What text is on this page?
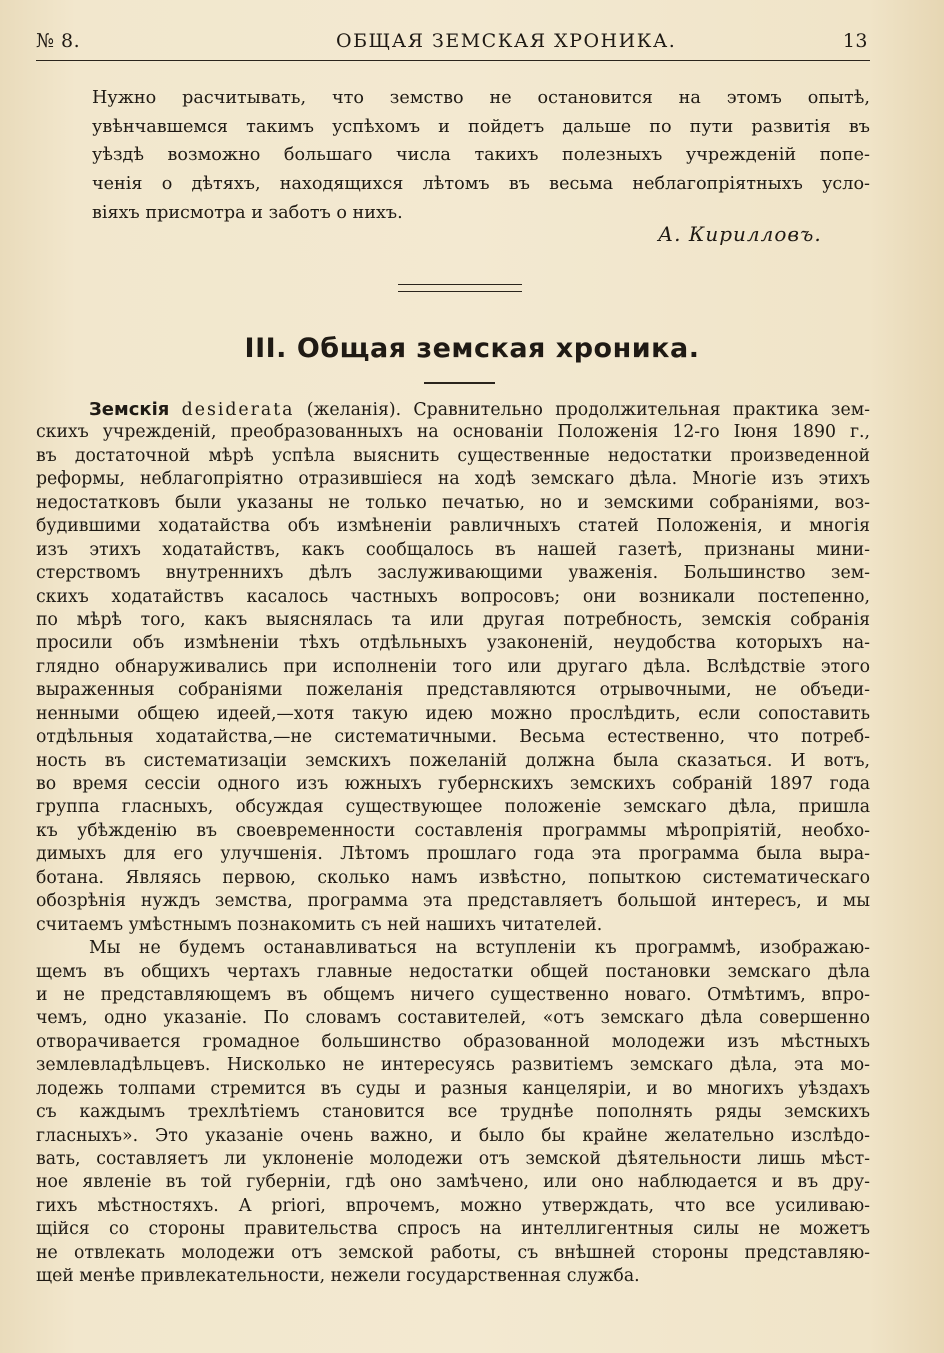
№ 8.	ОБЩАЯ ЗЕМСКАЯ ХРОНИКА.	13
Нужно расчитывать, что земство не остановится на этомъ опытѣ,
увѣнчавшемся такимъ успѣхомъ и пойдетъ дальше по пути развитія въ
уѣздѣ возможно большаго числа такихъ полезныхъ учрежденій попе-
ченія о дѣтяхъ, находящихся лѣтомъ въ весьма неблагопріятныхъ усло-
віяхъ присмотра и заботъ о нихъ.
А. Кирилловъ.
III. Общая земская хроника.
Земскія desiderata (желанія). Сравнительно продолжительная практика зем-
скихъ учрежденій, преобразованныхъ на основаніи Положенія 12-го Іюня 1890 г.,
въ достаточной мѣрѣ успѣла выяснить существенные недостатки произведенной
реформы, неблагопріятно отразившіеся на ходѣ земскаго дѣла. Многіе изъ этихъ
недостатковъ были указаны не только печатью, но и земскими собраніями, воз-
будившими ходатайства объ измѣненіи равличныхъ статей Положенія, и многія
изъ этихъ ходатайствъ, какъ сообщалось въ нашей газетѣ, признаны мини-
стерствомъ внутреннихъ дѣлъ заслуживающими уваженія. Большинство зем-
скихъ ходатайствъ касалось частныхъ вопросовъ; они возникали постепенно,
по мѣрѣ того, какъ выяснялась та или другая потребность, земскія собранія
просили объ измѣненіи тѣхъ отдѣльныхъ узаконеній, неудобства которыхъ на-
глядно обнаруживались при исполненіи того или другаго дѣла. Вслѣдствіе этого
выраженныя собраніями пожеланія представляются отрывочными, не объеди-
ненными общею идеей,—хотя такую идею можно прослѣдить, если сопоставить
отдѣльныя ходатайства,—не систематичными. Весьма естественно, что потреб-
ность въ систематизаціи земскихъ пожеланій должна была сказаться. И вотъ,
во время сессіи одного изъ южныхъ губернскихъ земскихъ собраній 1897 года
группа гласныхъ, обсуждая существующее положеніе земскаго дѣла, пришла
къ убѣжденію въ своевременности составленія программы мѣропріятій, необхо-
димыхъ для его улучшенія. Лѣтомъ прошлаго года эта программа была выра-
ботана. Являясь первою, сколько намъ извѣстно, попыткою систематическаго
обозрѣнія нуждъ земства, программа эта представляетъ большой интересъ, и мы
считаемъ умѣстнымъ познакомить съ ней нашихъ читателей.
Мы не будемъ останавливаться на вступленіи къ программѣ, изображаю-
щемъ въ общихъ чертахъ главные недостатки общей постановки земскаго дѣла
и не представляющемъ въ общемъ ничего существенно новаго. Отмѣтимъ, впро-
чемъ, одно указаніе. По словамъ составителей, «отъ земскаго дѣла совершенно
отворачивается громадное большинство образованной молодежи изъ мѣстныхъ
землевладѣльцевъ. Нисколько не интересуясь развитіемъ земскаго дѣла, эта мо-
лодежь толпами стремится въ суды и разныя канцеляріи, и во многихъ уѣздахъ
съ каждымъ трехлѣтіемъ становится все труднѣе пополнять ряды земскихъ
гласныхъ». Это указаніе очень важно, и было бы крайне желательно изслѣдо-
вать, составляетъ ли уклоненіе молодежи отъ земской дѣятельности лишь мѣст-
ное явленіе въ той губерніи, гдѣ оно замѣчено, или оно наблюдается и въ дру-
гихъ мѣстностяхъ. A priori, впрочемъ, можно утверждать, что все усиливаю-
щійся со стороны правительства спросъ на интеллигентныя силы не можетъ
не отвлекать молодежи отъ земской работы, съ внѣшней стороны представляю-
щей менѣе привлекательности, нежели государственная служба.
